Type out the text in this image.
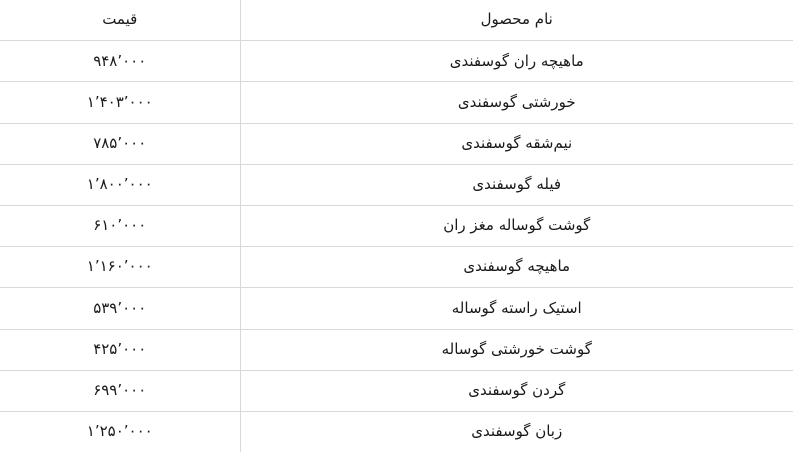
نام محصول	قیمت
ماهیچه ران گوسفندی	۹۴۸٬۰۰۰
خورشتی گوسفندی	۱٬۴۰۳٬۰۰۰
نیم‌شقه گوسفندی	۷۸۵٬۰۰۰
فیله گوسفندی	۱٬۸۰۰٬۰۰۰
گوشت گوساله مغز ران	۶۱۰٬۰۰۰
ماهیچه گوسفندی	۱٬۱۶۰٬۰۰۰
استیک راسته گوساله	۵۳۹٬۰۰۰
گوشت خورشتی گوساله	۴۲۵٬۰۰۰
گردن گوسفندی	۶۹۹٬۰۰۰
زبان گوسفندی	۱٬۲۵۰٬۰۰۰
